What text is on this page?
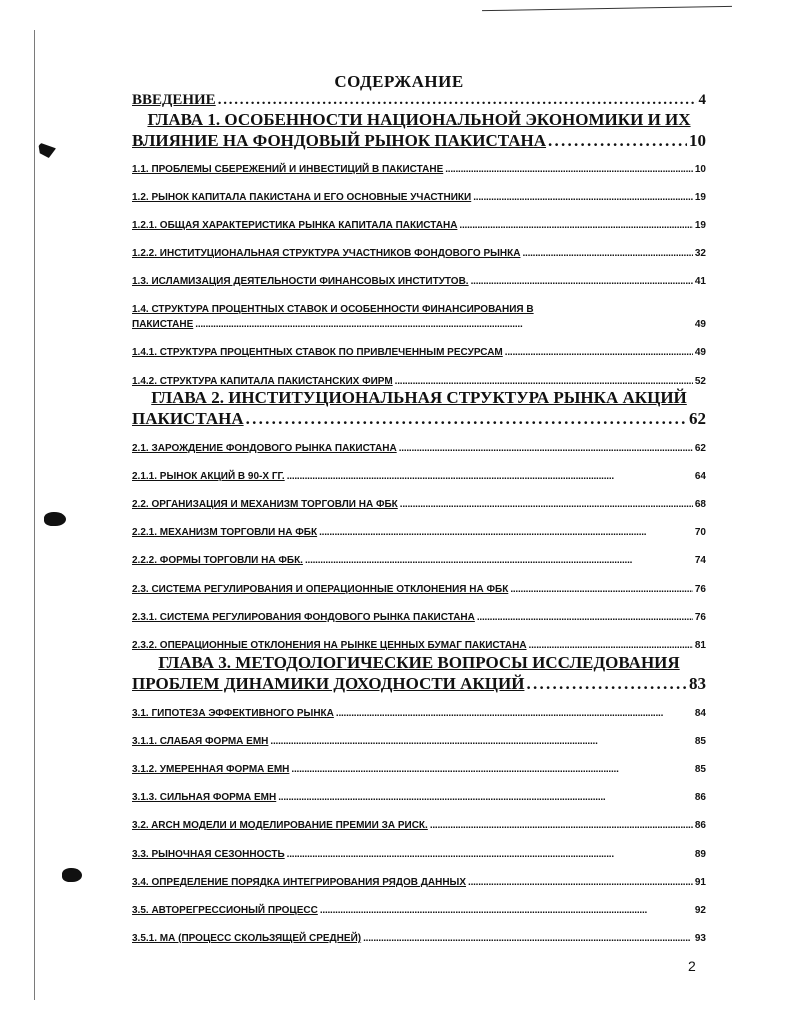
СОДЕРЖАНИЕ
ВВЕДЕНИЕ . . .	4
ГЛАВА 1. ОСОБЕННОСТИ НАЦИОНАЛЬНОЙ ЭКОНОМИКИ И ИХ
ВЛИЯНИЕ НА ФОНДОВЫЙ РЫНОК ПАКИСТАНА . . .	10
1.1. ПРОБЛЕМЫ СБЕРЕЖЕНИЙ И ИНВЕСТИЦИЙ В ПАКИСТАНЕ . . .	10
1.2. РЫНОК КАПИТАЛА ПАКИСТАНА И ЕГО ОСНОВНЫЕ УЧАСТНИКИ . . .	19
1.2.1. ОБЩАЯ ХАРАКТЕРИСТИКА РЫНКА КАПИТАЛА ПАКИСТАНА . . .	19
1.2.2. ИНСТИТУЦИОНАЛЬНАЯ СТРУКТУРА УЧАСТНИКОВ ФОНДОВОГО РЫНКА . . .	32
1.3. ИСЛАМИЗАЦИЯ ДЕЯТЕЛЬНОСТИ ФИНАНСОВЫХ ИНСТИТУТОВ. . . .	41
1.4. СТРУКТУРА ПРОЦЕНТНЫХ СТАВОК И ОСОБЕННОСТИ ФИНАНСИРОВАНИЯ В
ПАКИСТАНЕ . . .	49
1.4.1. СТРУКТУРА ПРОЦЕНТНЫХ СТАВОК ПО ПРИВЛЕЧЕННЫМ РЕСУРСАМ . . .	49
1.4.2. СТРУКТУРА КАПИТАЛА ПАКИСТАНСКИХ ФИРМ . . .	52
ГЛАВА 2. ИНСТИТУЦИОНАЛЬНАЯ СТРУКТУРА РЫНКА АКЦИЙ
ПАКИСТАНА . . .	62
2.1. ЗАРОЖДЕНИЕ ФОНДОВОГО РЫНКА ПАКИСТАНА . . .	62
2.1.1. РЫНОК АКЦИЙ В 90-Х ГГ. . . .	64
2.2. ОРГАНИЗАЦИЯ И МЕХАНИЗМ ТОРГОВЛИ НА ФБК . . .	68
2.2.1. МЕХАНИЗМ ТОРГОВЛИ НА ФБК . . .	70
2.2.2. ФОРМЫ ТОРГОВЛИ НА ФБК. . . .	74
2.3. СИСТЕМА РЕГУЛИРОВАНИЯ И ОПЕРАЦИОННЫЕ ОТКЛОНЕНИЯ НА ФБК . . .	76
2.3.1. СИСТЕМА РЕГУЛИРОВАНИЯ ФОНДОВОГО РЫНКА ПАКИСТАНА . . .	76
2.3.2. ОПЕРАЦИОННЫЕ ОТКЛОНЕНИЯ НА РЫНКЕ ЦЕННЫХ БУМАГ ПАКИСТАНА . . .	81
ГЛАВА 3. МЕТОДОЛОГИЧЕСКИЕ ВОПРОСЫ ИССЛЕДОВАНИЯ
ПРОБЛЕМ ДИНАМИКИ ДОХОДНОСТИ АКЦИЙ . . .	83
3.1. ГИПОТЕЗА ЭФФЕКТИВНОГО РЫНКА . . .	84
3.1.1. СЛАБАЯ ФОРМА ЕМН . . .	85
3.1.2. УМЕРЕННАЯ ФОРМА ЕМН . . .	85
3.1.3. СИЛЬНАЯ ФОРМА ЕМН . . .	86
3.2. ARCH МОДЕЛИ И МОДЕЛИРОВАНИЕ ПРЕМИИ ЗА РИСК. . . .	86
3.3. РЫНОЧНАЯ СЕЗОННОСТЬ . . .	89
3.4. ОПРЕДЕЛЕНИЕ ПОРЯДКА ИНТЕГРИРОВАНИЯ РЯДОВ ДАННЫХ . . .	91
3.5. АВТОРЕГРЕССИОНЫЙ ПРОЦЕСС . . .	92
3.5.1. МА (ПРОЦЕСС СКОЛЬЗЯЩЕЙ СРЕДНЕЙ) . . .	93
2
